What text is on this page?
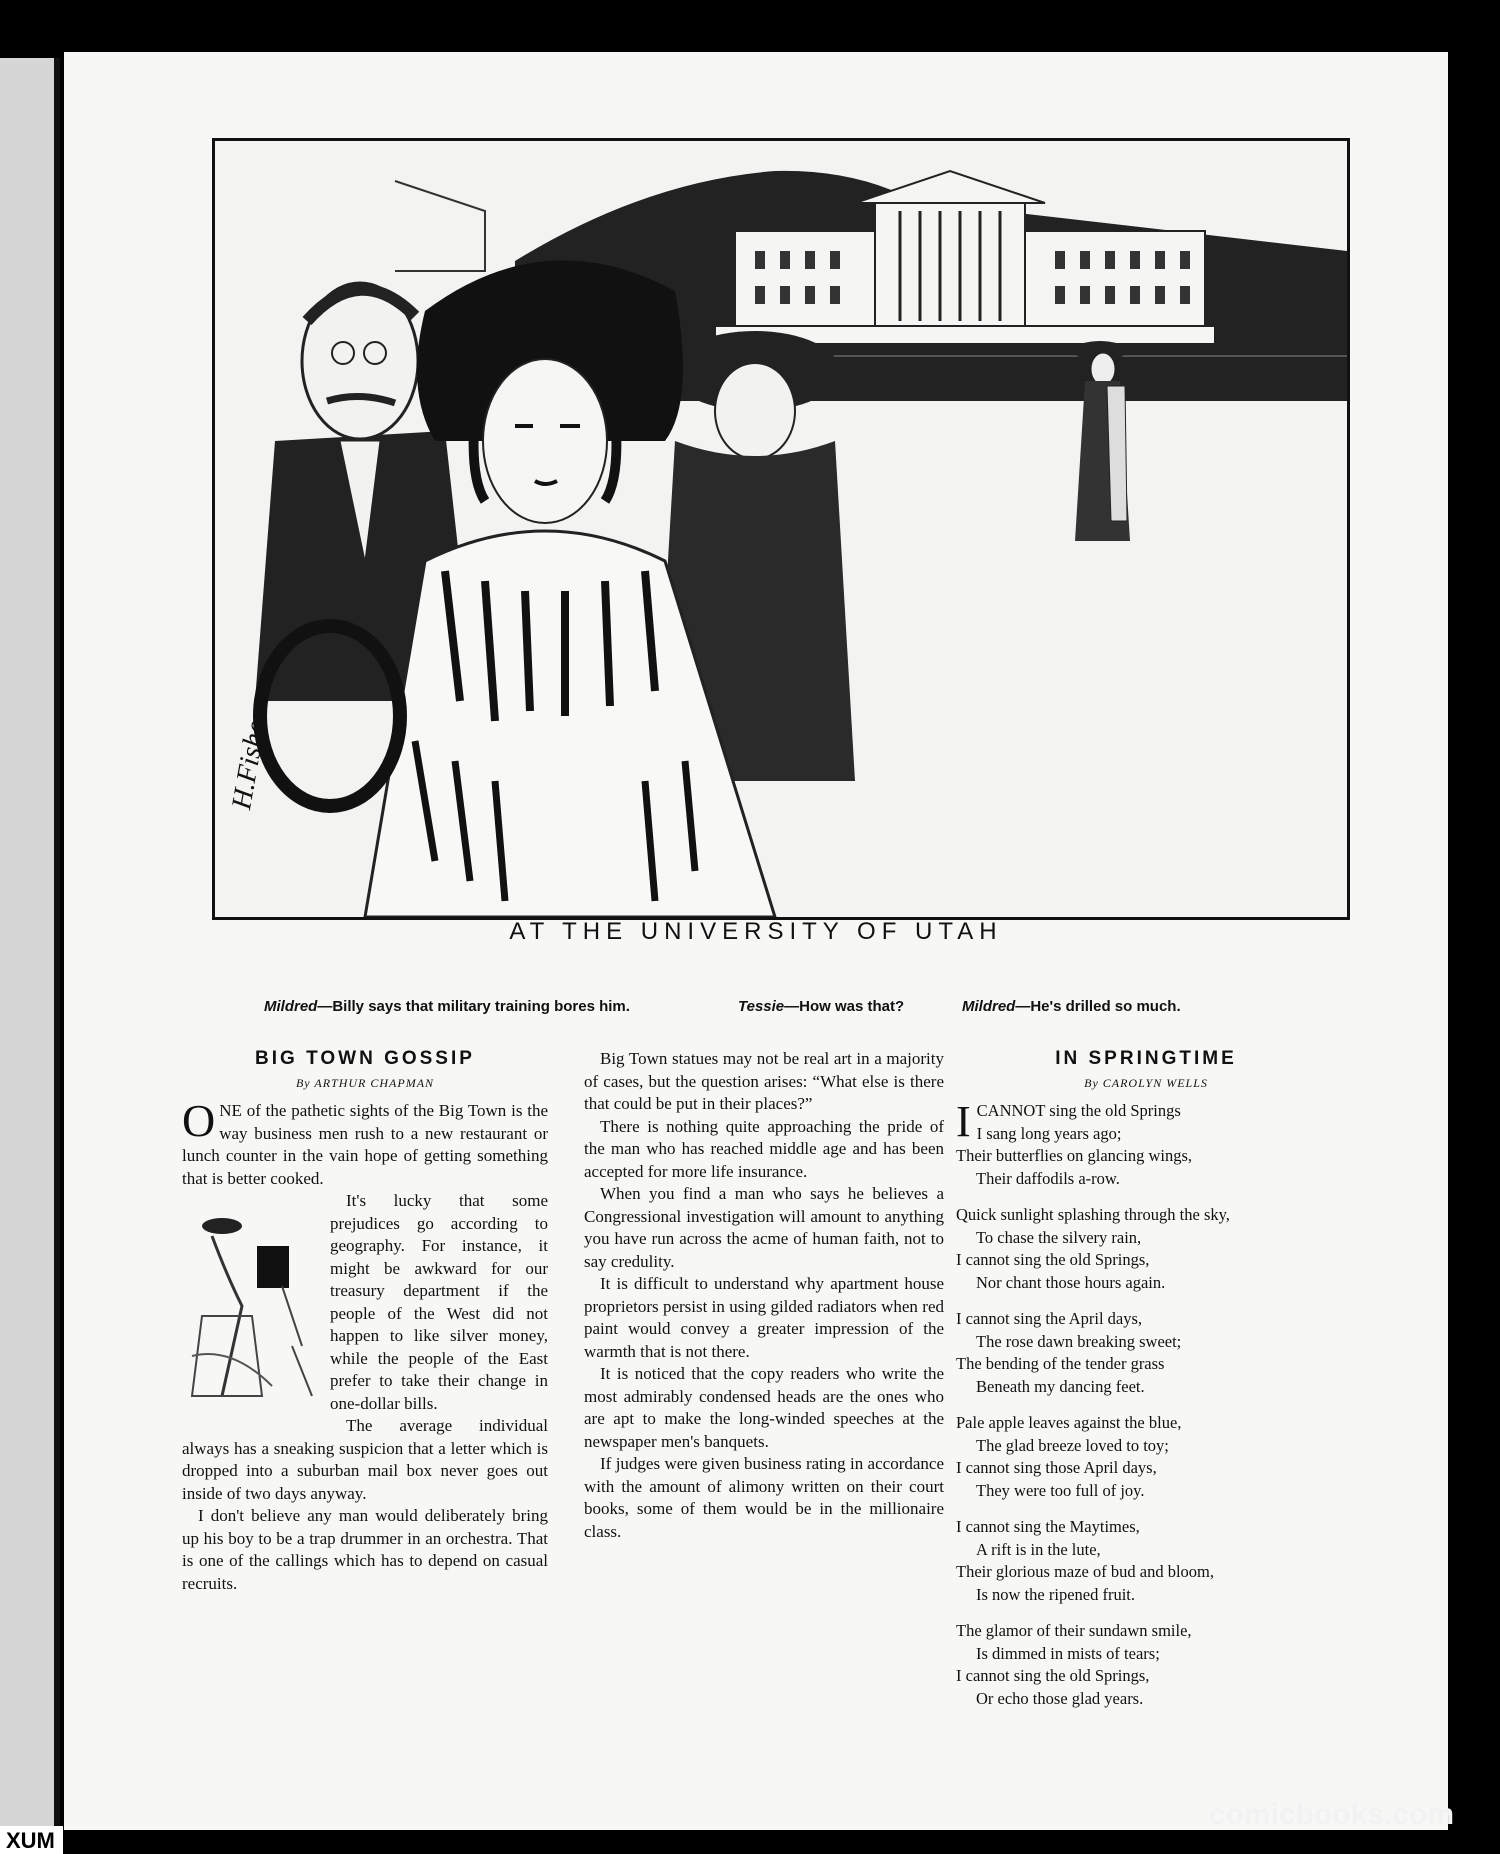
H.Fisher
AT THE UNIVERSITY OF UTAH
Mildred—Billy says that military training bores him.	Tessie—How was that?	Mildred—He's drilled so much.
BIG TOWN GOSSIP
By ARTHUR CHAPMAN

ONE of the pathetic sights of the Big Town is the way business men rush to a new restaurant or lunch counter in the vain hope of getting something that is better cooked.

It's lucky that some prejudices go according to geography. For instance, it might be awkward for our treasury department if the people of the West did not happen to like silver money, while the people of the East prefer to take their change in one-dollar bills.

The average individual always has a sneaking suspicion that a letter which is dropped into a suburban mail box never goes out inside of two days anyway.

I don't believe any man would deliberately bring up his boy to be a trap drummer in an orchestra. That is one of the callings which has to depend on casual recruits.

Big Town statues may not be real art in a majority of cases, but the question arises: “What else is there that could be put in their places?”

There is nothing quite approaching the pride of the man who has reached middle age and has been accepted for more life insurance.

When you find a man who says he believes a Congressional investigation will amount to anything you have run across the acme of human faith, not to say credulity.

It is difficult to understand why apartment house proprietors persist in using gilded radiators when red paint would convey a greater impression of the warmth that is not there.

It is noticed that the copy readers who write the most admirably condensed heads are the ones who are apt to make the long-winded speeches at the newspaper men's banquets.

If judges were given business rating in accordance with the amount of alimony written on their court books, some of them would be in the millionaire class.

IN SPRINGTIME
By CAROLYN WELLS
I CANNOT sing the old Springs
I sang long years ago;
Their butterflies on glancing wings,
Their daffodils a-row.
Quick sunlight splashing through the sky,
To chase the silvery rain,
I cannot sing the old Springs,
Nor chant those hours again.
I cannot sing the April days,
The rose dawn breaking sweet;
The bending of the tender grass
Beneath my dancing feet.
Pale apple leaves against the blue,
The glad breeze loved to toy;
I cannot sing those April days,
They were too full of joy.
I cannot sing the Maytimes,
A rift is in the lute,
Their glorious maze of bud and bloom,
Is now the ripened fruit.
The glamor of their sundawn smile,
Is dimmed in mists of tears;
I cannot sing the old Springs,
Or echo those glad years.
comicbooks.com
XUM
